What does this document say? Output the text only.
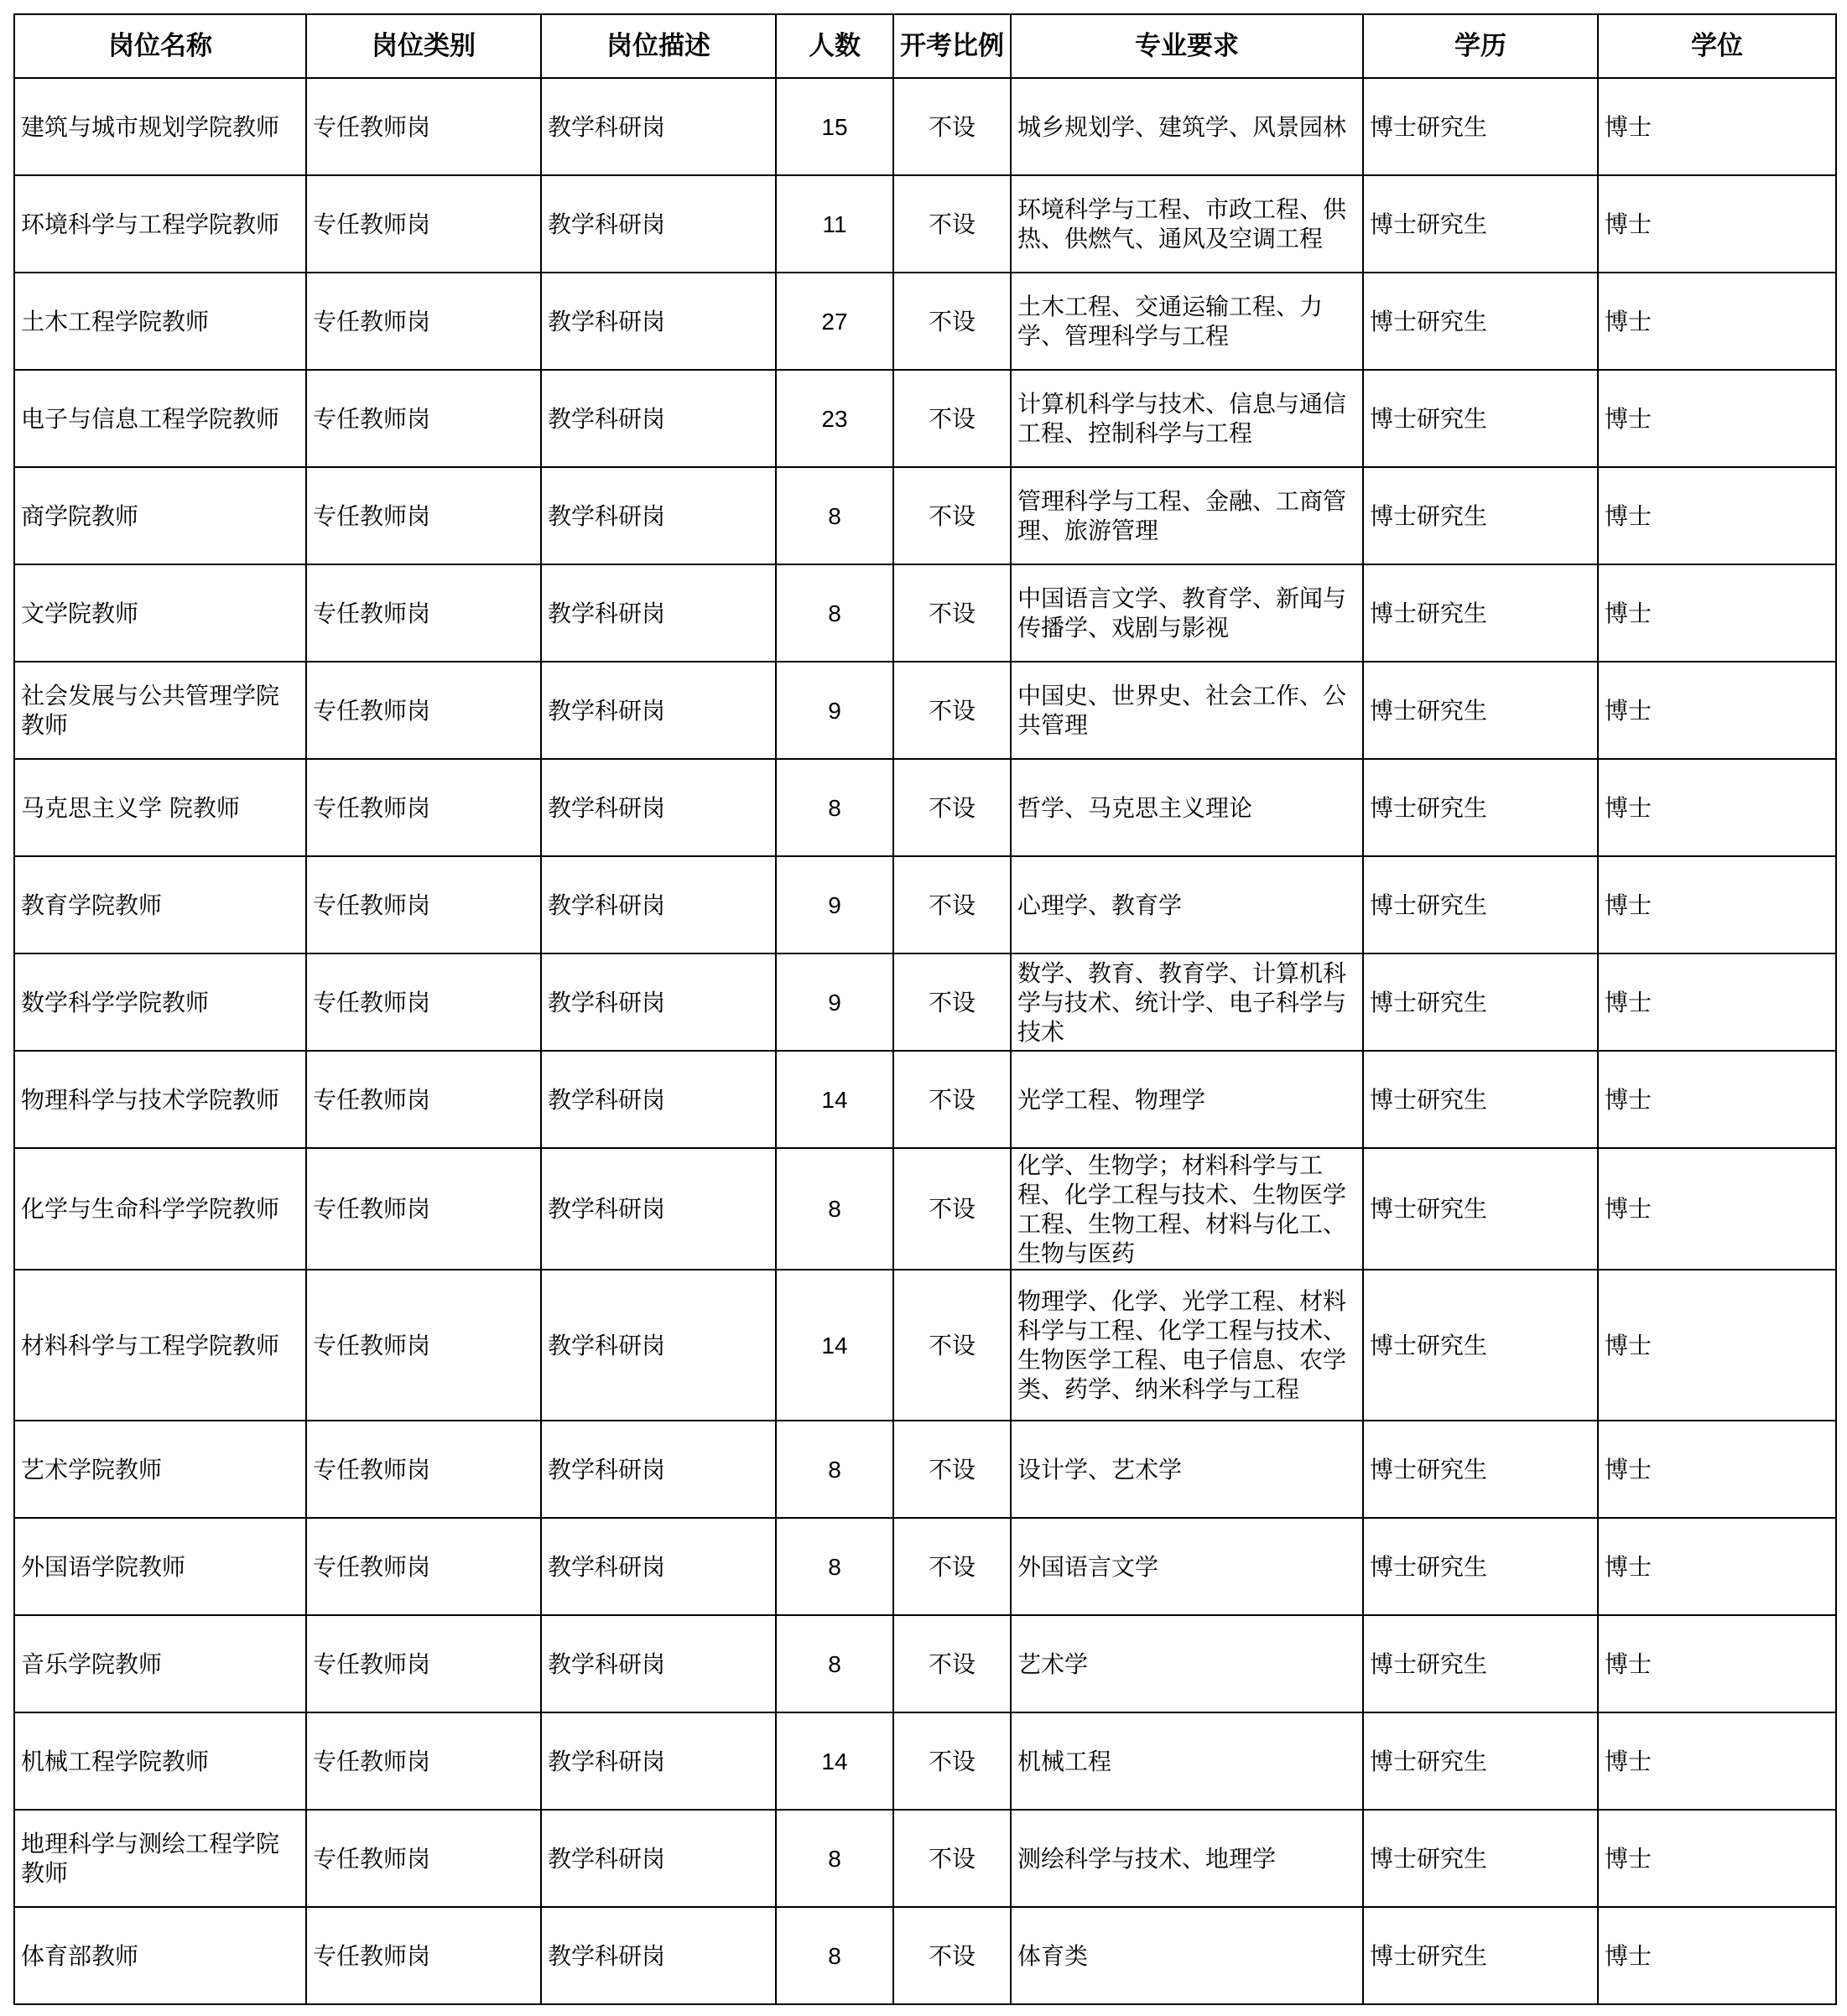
岗位名称	岗位类别	岗位描述	人数	开考比例	专业要求	学历	学位
建筑与城市规划学院教师	专任教师岗	教学科研岗	15	不设	城乡规划学、建筑学、风景园林	博士研究生	博士
环境科学与工程学院教师	专任教师岗	教学科研岗	11	不设	环境科学与工程、市政工程、供热、供燃气、通风及空调工程	博士研究生	博士
土木工程学院教师	专任教师岗	教学科研岗	27	不设	土木工程、交通运输工程、力学、管理科学与工程	博士研究生	博士
电子与信息工程学院教师	专任教师岗	教学科研岗	23	不设	计算机科学与技术、信息与通信工程、控制科学与工程	博士研究生	博士
商学院教师	专任教师岗	教学科研岗	8	不设	管理科学与工程、金融、工商管理、旅游管理	博士研究生	博士
文学院教师	专任教师岗	教学科研岗	8	不设	中国语言文学、教育学、新闻与传播学、戏剧与影视	博士研究生	博士
社会发展与公共管理学院教师	专任教师岗	教学科研岗	9	不设	中国史、世界史、社会工作、公共管理	博士研究生	博士
马克思主义学 院教师	专任教师岗	教学科研岗	8	不设	哲学、马克思主义理论	博士研究生	博士
教育学院教师	专任教师岗	教学科研岗	9	不设	心理学、教育学	博士研究生	博士
数学科学学院教师	专任教师岗	教学科研岗	9	不设	数学、教育、教育学、计算机科学与技术、统计学、电子科学与技术	博士研究生	博士
物理科学与技术学院教师	专任教师岗	教学科研岗	14	不设	光学工程、物理学	博士研究生	博士
化学与生命科学学院教师	专任教师岗	教学科研岗	8	不设	化学、生物学；材料科学与工程、化学工程与技术、生物医学工程、生物工程、材料与化工、生物与医药	博士研究生	博士
材料科学与工程学院教师	专任教师岗	教学科研岗	14	不设	物理学、化学、光学工程、材料科学与工程、化学工程与技术、生物医学工程、电子信息、农学类、药学、纳米科学与工程	博士研究生	博士
艺术学院教师	专任教师岗	教学科研岗	8	不设	设计学、艺术学	博士研究生	博士
外国语学院教师	专任教师岗	教学科研岗	8	不设	外国语言文学	博士研究生	博士
音乐学院教师	专任教师岗	教学科研岗	8	不设	艺术学	博士研究生	博士
机械工程学院教师	专任教师岗	教学科研岗	14	不设	机械工程	博士研究生	博士
地理科学与测绘工程学院教师	专任教师岗	教学科研岗	8	不设	测绘科学与技术、地理学	博士研究生	博士
体育部教师	专任教师岗	教学科研岗	8	不设	体育类	博士研究生	博士
